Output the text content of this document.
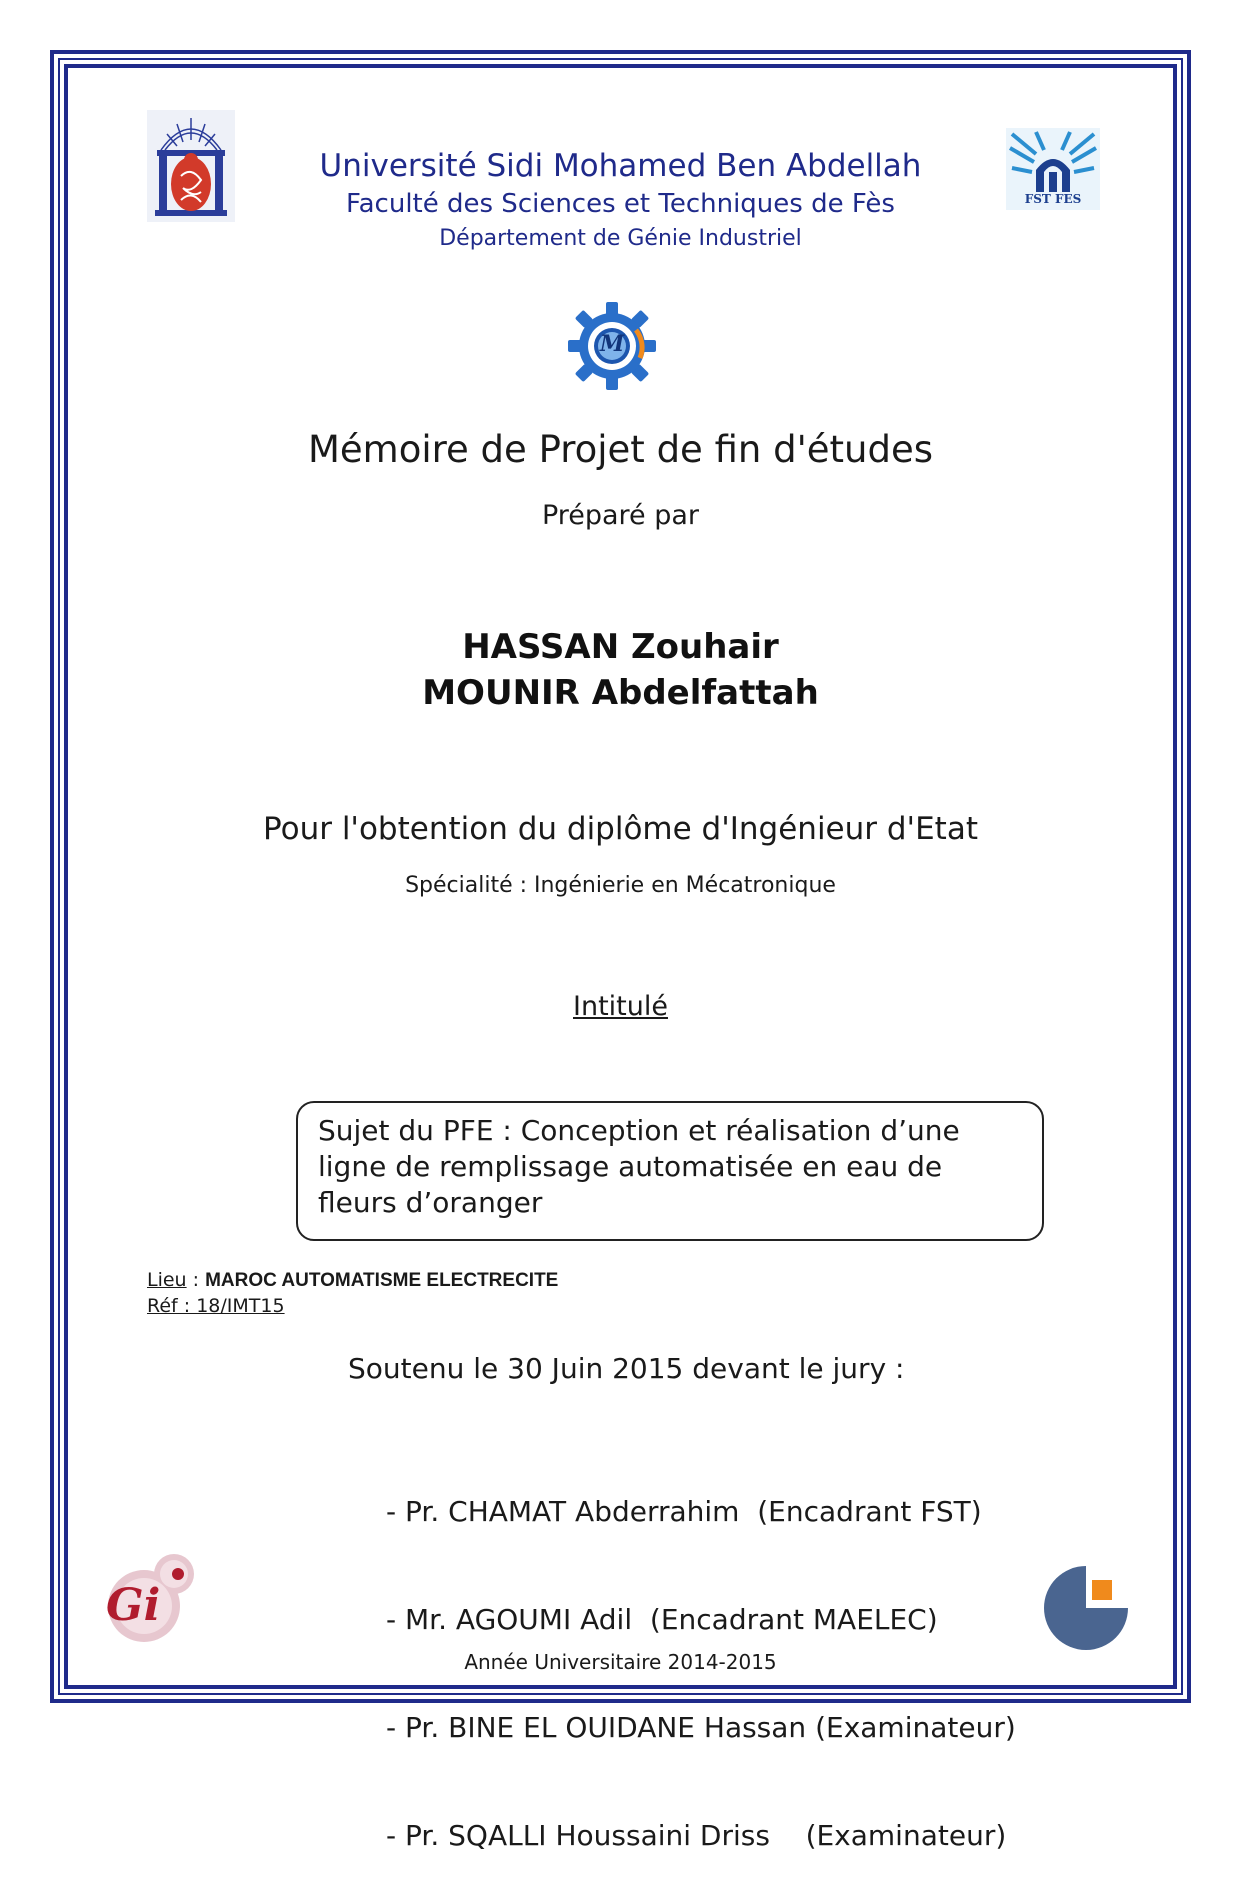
FST FES
Université Sidi Mohamed Ben Abdellah
Faculté des Sciences et Techniques de Fès
Département de Génie Industriel
M
Mémoire de Projet de fin d'études
Préparé par
HASSAN Zouhair
MOUNIR Abdelfattah
Pour l'obtention du diplôme d'Ingénieur d'Etat
Spécialité : Ingénierie en Mécatronique
Intitulé
Sujet du PFE : Conception et réalisation d’une
ligne de remplissage automatisée en eau de
fleurs d’oranger
Lieu : MAROC AUTOMATISME ELECTRECITE
Réf : 18/IMT15
Soutenu le 30 Juin 2015 devant le jury :

- Pr. CHAMAT Abderrahim  (Encadrant FST)

- Mr. AGOUMI Adil  (Encadrant MAELEC)

- Pr. BINE EL OUIDANE Hassan (Examinateur)

- Pr. SQALLI Houssaini Driss    (Examinateur)

Gi
Année Universitaire 2014-2015
